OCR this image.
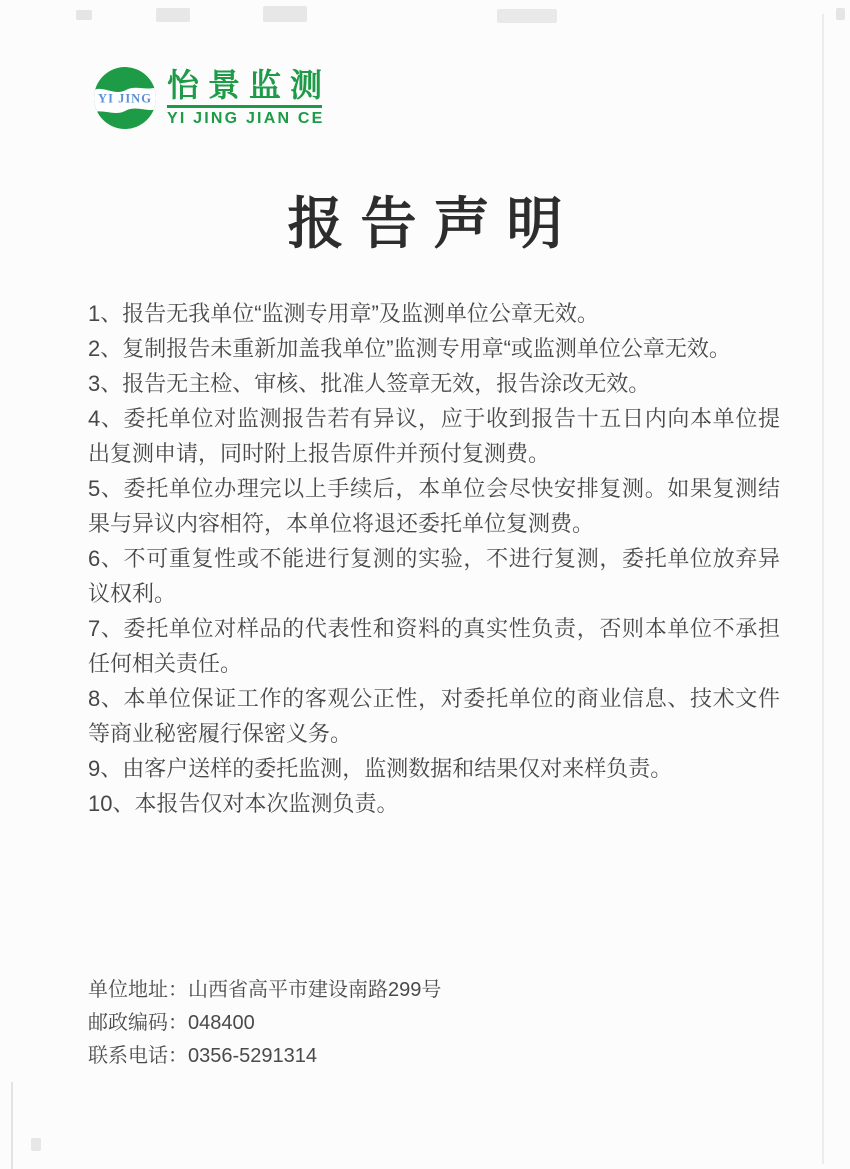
YI JING 怡景监测
YI JING JIAN CE
报告声明

1、报告无我单位“监测专用章”及监测单位公章无效。

2、复制报告未重新加盖我单位”监测专用章“或监测单位公章无效。

3、报告无主检、审核、批准人签章无效，报告涂改无效。

4、委托单位对监测报告若有异议，应于收到报告十五日内向本单位提出复测申请，同时附上报告原件并预付复测费。

5、委托单位办理完以上手续后，本单位会尽快安排复测。如果复测结果与异议内容相符，本单位将退还委托单位复测费。

6、不可重复性或不能进行复测的实验，不进行复测，委托单位放弃异议权利。

7、委托单位对样品的代表性和资料的真实性负责，否则本单位不承担任何相关责任。

8、本单位保证工作的客观公正性，对委托单位的商业信息、技术文件等商业秘密履行保密义务。

9、由客户送样的委托监测，监测数据和结果仅对来样负责。

10、本报告仅对本次监测负责。

单位地址：山西省高平市建设南路299号

邮政编码：048400

联系电话：0356-5291314
